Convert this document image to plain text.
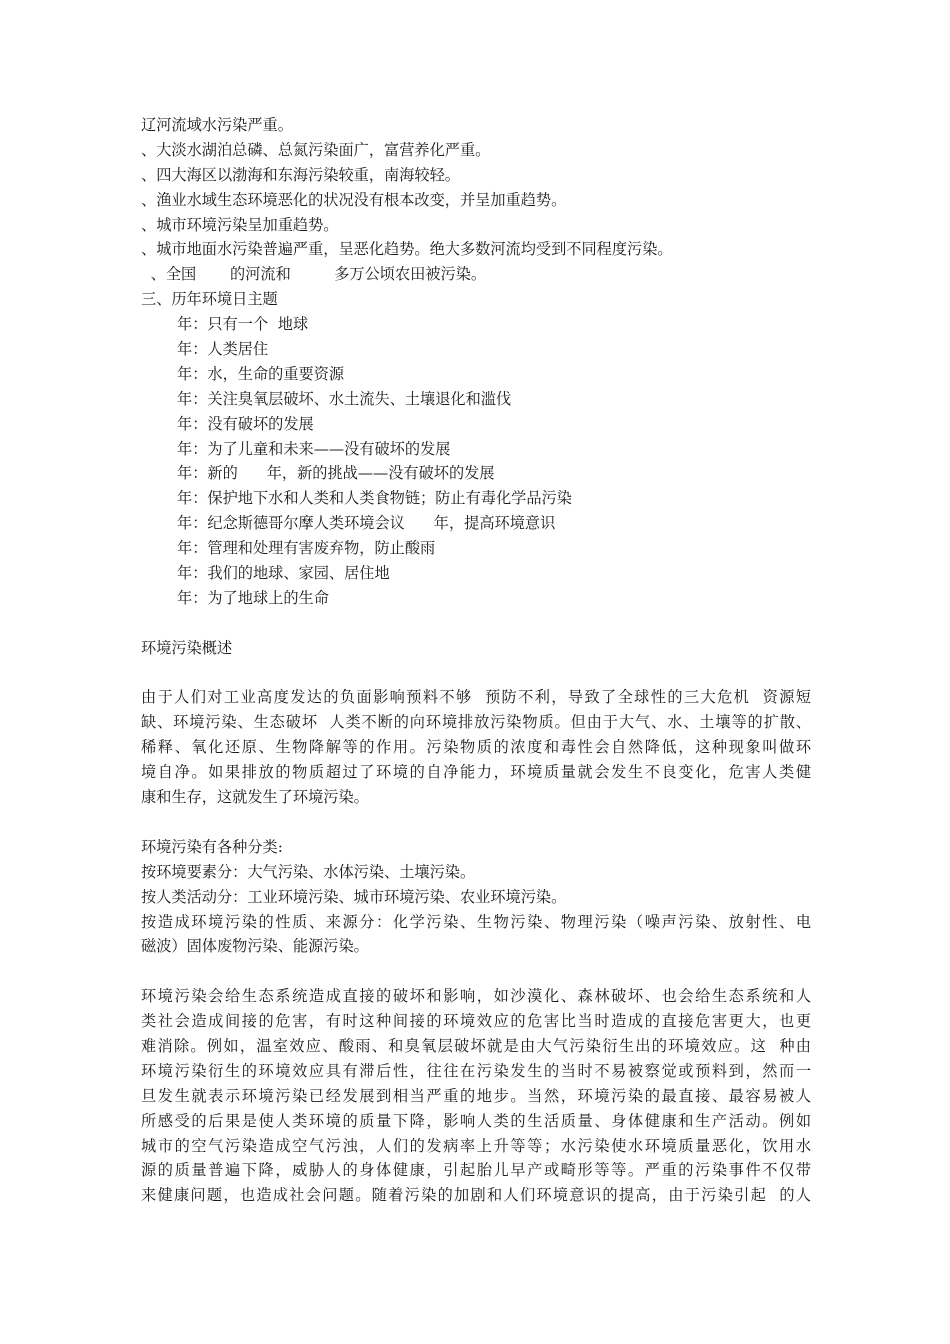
辽河流域水污染严重。
、大淡水湖泊总磷、总氮污染面广，富营养化严重。
、四大海区以渤海和东海污染较重，南海较轻。
、渔业水域生态环境恶化的状况没有根本改变，并呈加重趋势。
、城市环境污染呈加重趋势。
、城市地面水污染普遍严重，呈恶化趋势。绝大多数河流均受到不同程度污染。
、全国       的河流和         多万公顷农田被污染。
三、历年环境日主题
年：只有一个  地球
年：人类居住
年：水，生命的重要资源
年：关注臭氧层破坏、水土流失、土壤退化和滥伐
年：没有破坏的发展
年：为了儿童和未来——没有破坏的发展
年：新的      年，新的挑战——没有破坏的发展
年：保护地下水和人类和人类食物链；防止有毒化学品污染
年：纪念斯德哥尔摩人类环境会议      年，提高环境意识
年：管理和处理有害废弃物，防止酸雨
年：我们的地球、家园、居住地
年：为了地球上的生命
环境污染概述
由于人们对工业高度发达的负面影响预料不够  预防不利，导致了全球性的三大危机  资源短
缺、环境污染、生态破坏  人类不断的向环境排放污染物质。但由于大气、水、土壤等的扩散、
稀释、氧化还原、生物降解等的作用。污染物质的浓度和毒性会自然降低，这种现象叫做环
境自净。如果排放的物质超过了环境的自净能力，环境质量就会发生不良变化，危害人类健
康和生存，这就发生了环境污染。
环境污染有各种分类:
按环境要素分：大气污染、水体污染、土壤污染。
按人类活动分：工业环境污染、城市环境污染、农业环境污染。
按造成环境污染的性质、来源分：化学污染、生物污染、物理污染（噪声污染、放射性、电
磁波）固体废物污染、能源污染。
环境污染会给生态系统造成直接的破坏和影响，如沙漠化、森林破坏、也会给生态系统和人
类社会造成间接的危害，有时这种间接的环境效应的危害比当时造成的直接危害更大，也更
难消除。例如，温室效应、酸雨、和臭氧层破坏就是由大气污染衍生出的环境效应。这  种由
环境污染衍生的环境效应具有滞后性，往往在污染发生的当时不易被察觉或预料到，然而一
旦发生就表示环境污染已经发展到相当严重的地步。当然，环境污染的最直接、最容易被人
所感受的后果是使人类环境的质量下降，影响人类的生活质量、身体健康和生产活动。例如
城市的空气污染造成空气污浊，人们的发病率上升等等；水污染使水环境质量恶化，饮用水
源的质量普遍下降，威胁人的身体健康，引起胎儿早产或畸形等等。严重的污染事件不仅带
来健康问题，也造成社会问题。随着污染的加剧和人们环境意识的提高，由于污染引起  的人
